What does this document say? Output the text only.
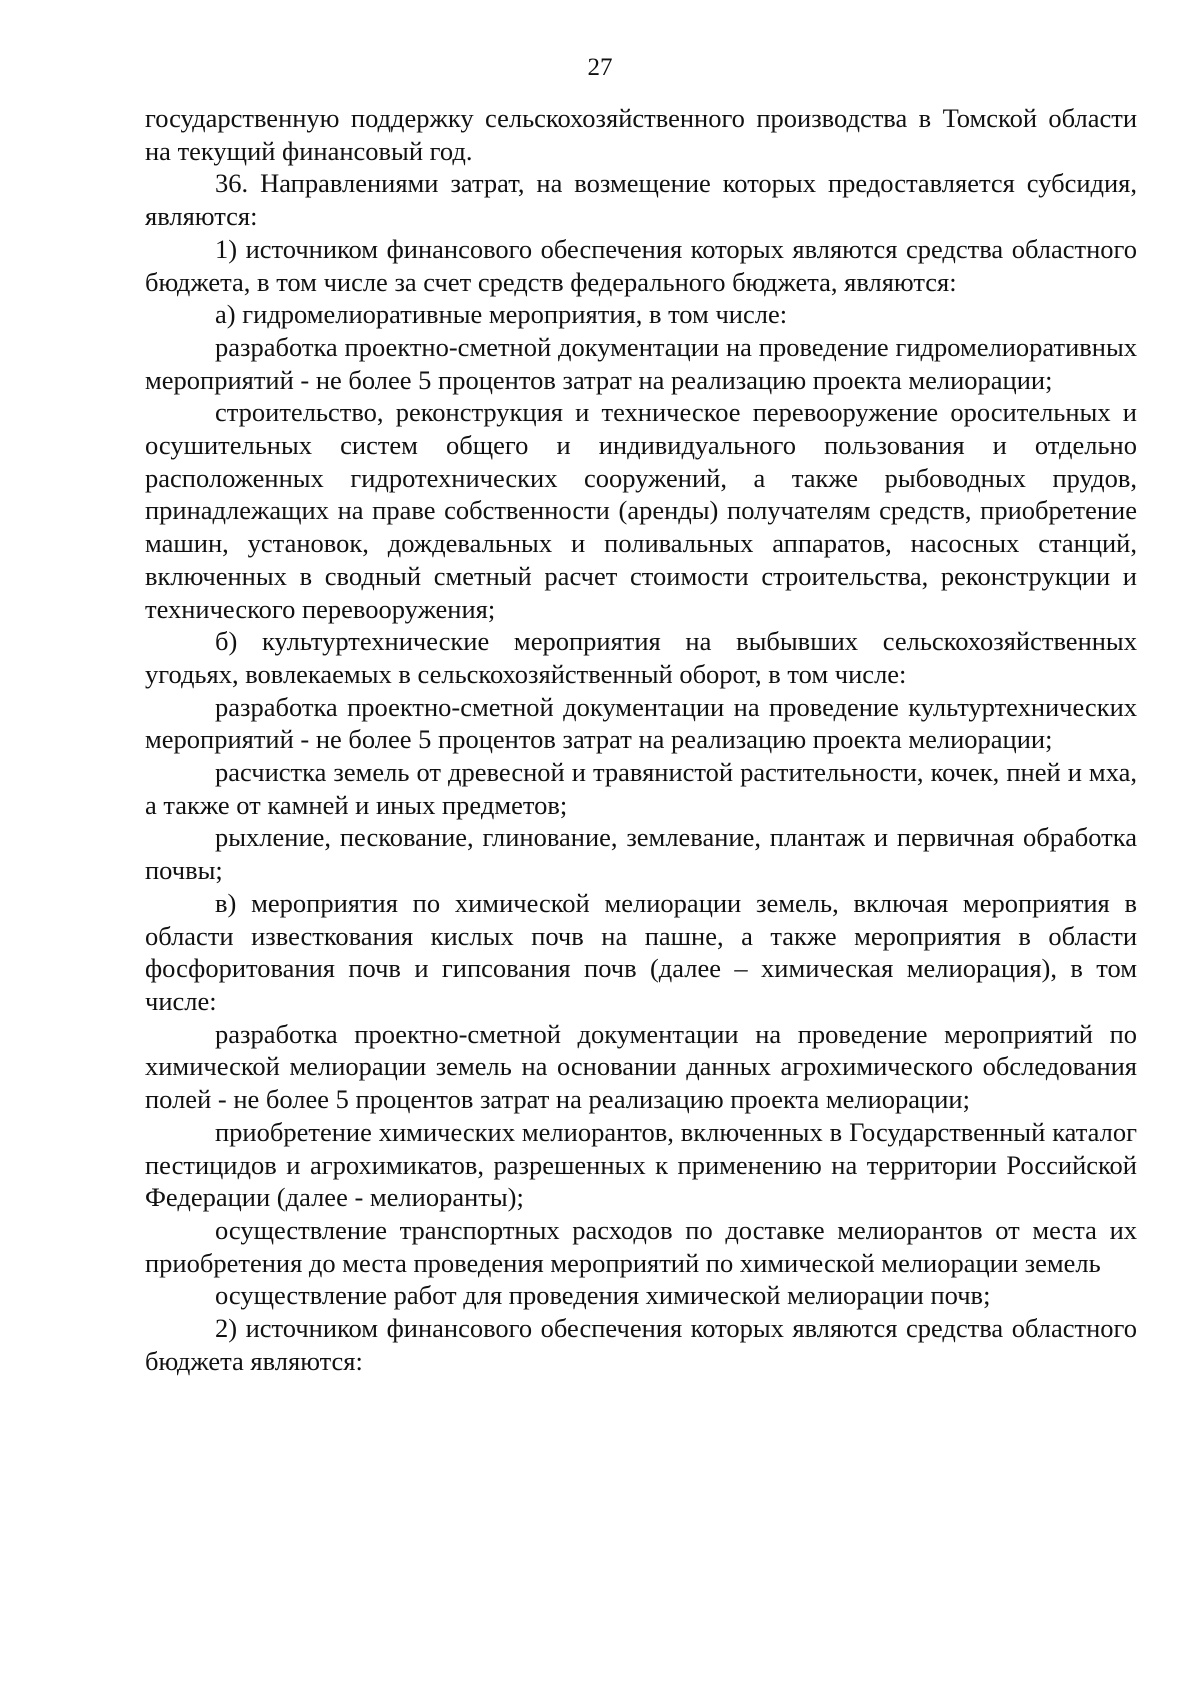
27

государственную поддержку сельскохозяйственного производства в Томской области на текущий финансовый год.

36. Направлениями затрат, на возмещение которых предоставляется субсидия, являются:

1) источником финансового обеспечения которых являются средства областного бюджета, в том числе за счет средств федерального бюджета, являются:

а) гидромелиоративные мероприятия, в том числе:

разработка проектно-сметной документации на проведение гидромелиоративных мероприятий - не более 5 процентов затрат на реализацию проекта мелиорации;

строительство, реконструкция и техническое перевооружение оросительных и осушительных систем общего и индивидуального пользования и отдельно расположенных гидротехнических сооружений, а также рыбоводных прудов, принадлежащих на праве собственности (аренды) получателям средств, приобретение машин, установок, дождевальных и поливальных аппаратов, насосных станций, включенных в сводный сметный расчет стоимости строительства, реконструкции и технического перевооружения;

б) культуртехнические мероприятия на выбывших сельскохозяйственных угодьях, вовлекаемых в сельскохозяйственный оборот, в том числе:

разработка проектно-сметной документации на проведение культуртехнических мероприятий - не более 5 процентов затрат на реализацию проекта мелиорации;

расчистка земель от древесной и травянистой растительности, кочек, пней и мха, а также от камней и иных предметов;

рыхление, пескование, глинование, землевание, плантаж и первичная обработка почвы;

в) мероприятия по химической мелиорации земель, включая мероприятия в области известкования кислых почв на пашне, а также мероприятия в области фосфоритования почв и гипсования почв (далее – химическая мелиорация), в том числе:

разработка проектно-сметной документации на проведение мероприятий по химической мелиорации земель на основании данных агрохимического обследования полей - не более 5 процентов затрат на реализацию проекта мелиорации;

приобретение химических мелиорантов, включенных в Государственный каталог пестицидов и агрохимикатов, разрешенных к применению на территории Российской Федерации (далее - мелиоранты);

осуществление транспортных расходов по доставке мелиорантов от места их приобретения до места проведения мероприятий по химической мелиорации земель

осуществление работ для проведения химической мелиорации почв;

2) источником финансового обеспечения которых являются средства областного бюджета являются:
